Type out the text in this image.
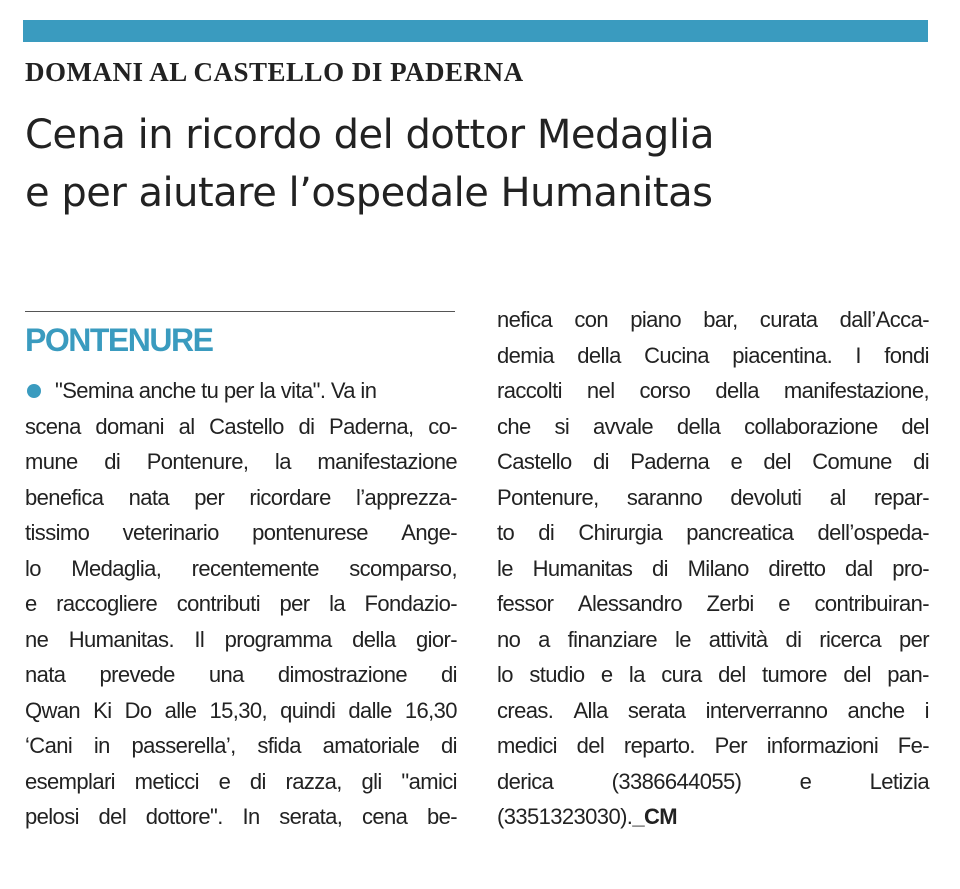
DOMANI AL CASTELLO DI PADERNA
Cena in ricordo del dottor Medaglia
e per aiutare l’ospedale Humanitas
PONTENURE
"Semina anche tu per la vita". Va in
scena domani al Castello di Paderna, co-
mune di Pontenure, la manifestazione
benefica nata per ricordare l’apprezza-
tissimo veterinario pontenurese Ange-
lo Medaglia, recentemente scomparso,
e raccogliere contributi per la Fondazio-
ne Humanitas. Il programma della gior-
nata prevede una dimostrazione di
Qwan Ki Do alle 15,30, quindi dalle 16,30
‘Cani in passerella’, sfida amatoriale di
esemplari meticci e di razza, gli "amici
pelosi del dottore". In serata, cena be-
nefica con piano bar, curata dall’Acca-
demia della Cucina piacentina. I fondi
raccolti nel corso della manifestazione,
che si avvale della collaborazione del
Castello di Paderna e del Comune di
Pontenure, saranno devoluti al repar-
to di Chirurgia pancreatica dell’ospeda-
le Humanitas di Milano diretto dal pro-
fessor Alessandro Zerbi e contribuiran-
no a finanziare le attività di ricerca per
lo studio e la cura del tumore del pan-
creas. Alla serata interverranno anche i
medici del reparto. Per informazioni Fe-
derica	(3386644055)	e	Letizia
(3351323030). _CM
